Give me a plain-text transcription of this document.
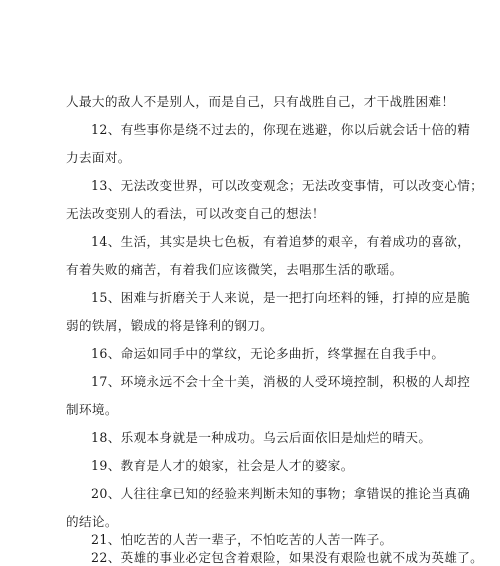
人最大的敌人不是别人，而是自己，只有战胜自己，才干战胜困难！
12、有些事你是绕不过去的，你现在逃避，你以后就会话十倍的精
力去面对。
13、无法改变世界，可以改变观念；无法改变事情，可以改变心情；
无法改变别人的看法，可以改变自己的想法！
14、生活，其实是块七色板，有着追梦的艰辛，有着成功的喜欲，
有着失败的痛苦，有着我们应该微笑，去唱那生活的歌瑶。
15、困难与折磨关于人来说，是一把打向坯料的锤，打掉的应是脆
弱的铁屑，锻成的将是锋利的钢刀。
16、命运如同手中的掌纹，无论多曲折，终掌握在自我手中。
17、环境永远不会十全十美，消极的人受环境控制，积极的人却控
制环境。
18、乐观本身就是一种成功。乌云后面依旧是灿烂的晴天。
19、教育是人才的娘家，社会是人才的婆家。
20、人往往拿已知的经验来判断未知的事物；拿错误的推论当真确
的结论。
21、怕吃苦的人苦一辈子，不怕吃苦的人苦一阵子。
22、英雄的事业必定包含着艰险，如果没有艰险也就不成为英雄了。
